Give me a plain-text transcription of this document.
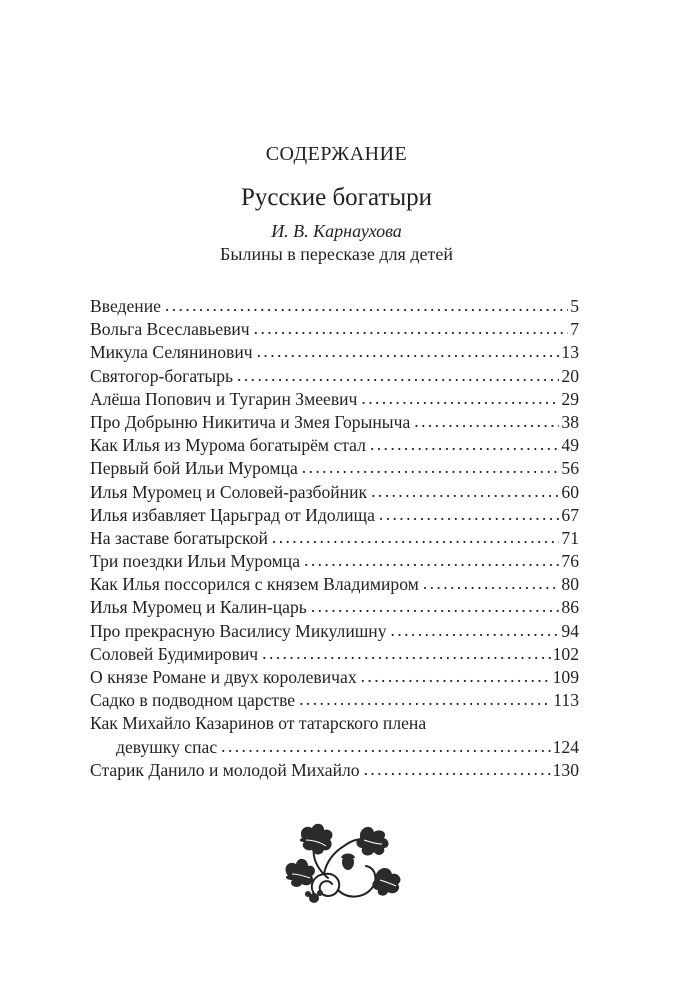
СОДЕРЖАНИЕ
Русские богатыри
И. В. Карнаухова
Былины в пересказе для детей
Введение . . .	5
Вольга Всеславьевич . . .	7
Микула Селянинович . . .	13
Святогор-богатырь . . .	20
Алёша Попович и Тугарин Змеевич . . .	29
Про Добрыню Никитича и Змея Горыныча . . .	38
Как Илья из Мурома богатырём стал . . .	49
Первый бой Ильи Муромца . . .	56
Илья Муромец и Соловей-разбойник . . .	60
Илья избавляет Царьград от Идолища . . .	67
На заставе богатырской . . .	71
Три поездки Ильи Муромца . . .	76
Как Илья поссорился с князем Владимиром . . .	80
Илья Муромец и Калин-царь . . .	86
Про прекрасную Василису Микулишну . . .	94
Соловей Будимирович . . .	102
О князе Романе и двух королевичах . . .	109
Садко в подводном царстве . . .	113
Как Михайло Казаринов от татарского плена
девушку спас . . .	124
Старик Данило и молодой Михайло . . .	130
